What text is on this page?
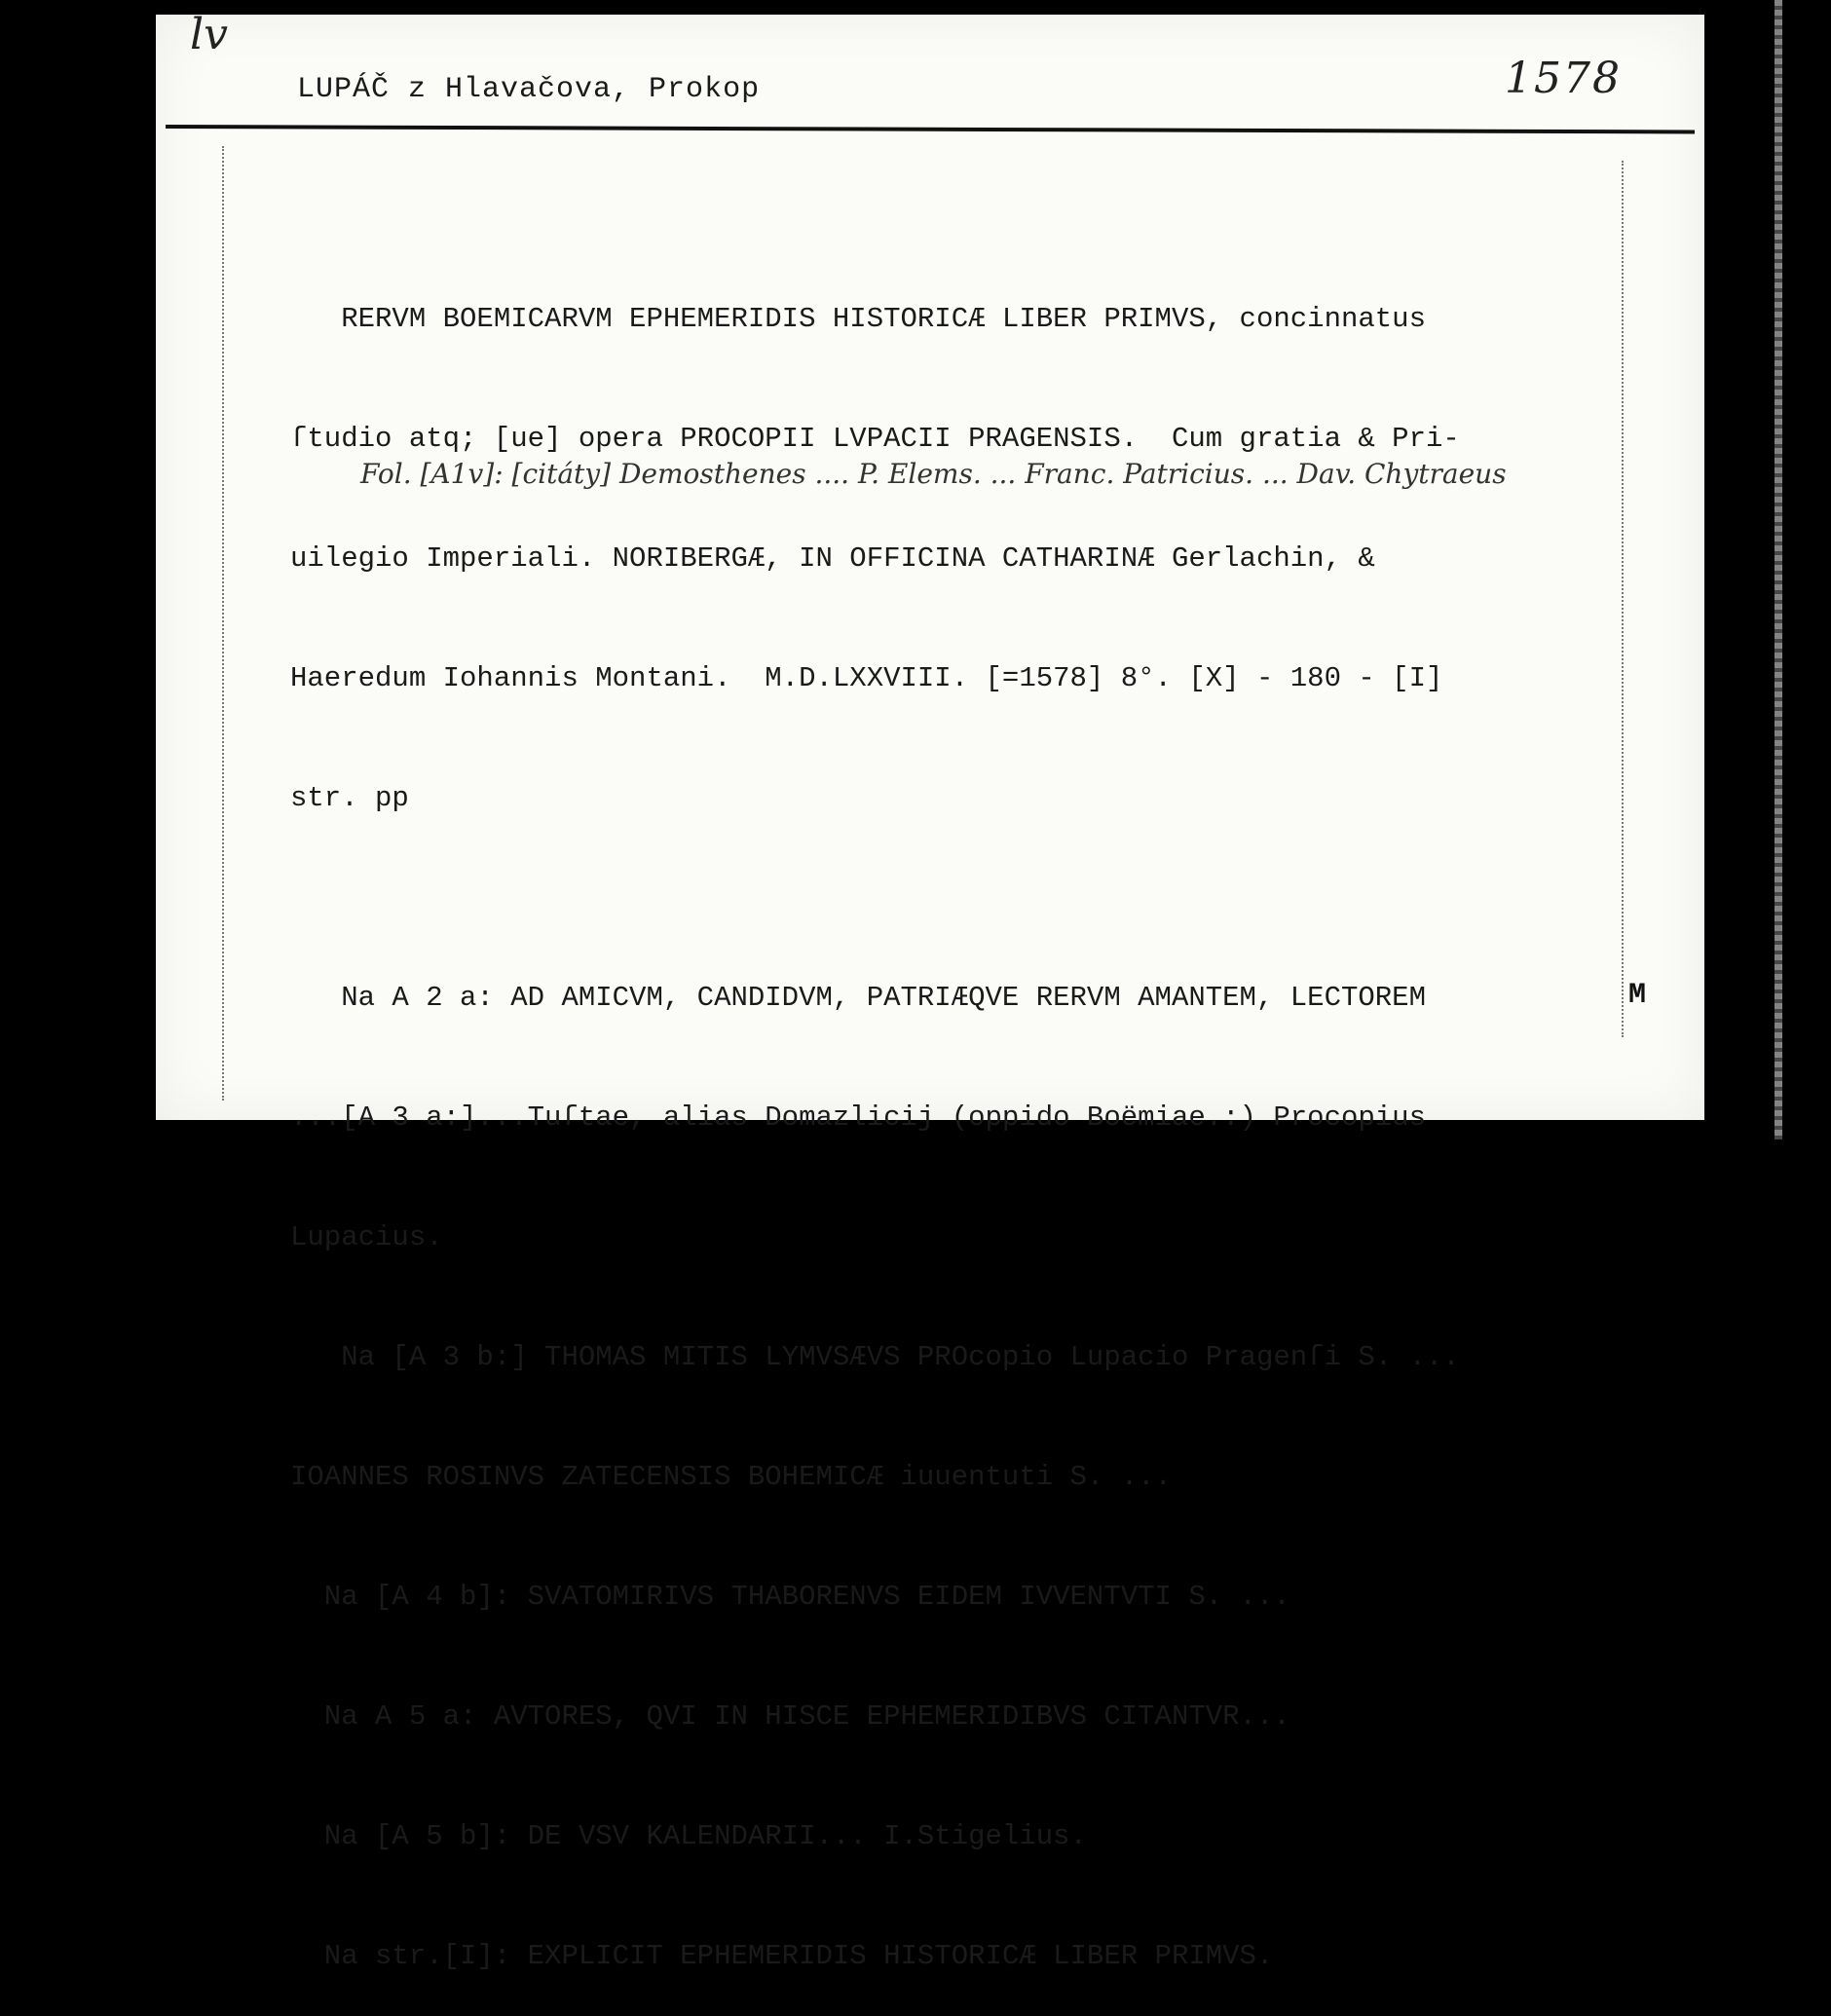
lv
1578
LUPÁČ z Hlavačova, Prokop

RERVM BOEMICARVM EPHEMERIDIS HISTORICÆ LIBER PRIMVS, concinnatus

ſtudio atq; [ue] opera PROCOPII LVPACII PRAGENSIS.  Cum gratia & Pri-

uilegio Imperiali. NORIBERGÆ, IN OFFICINA CATHARINÆ Gerlachin, &

Haeredum Iohannis Montani.  M.D.LXXVIII. [=1578] 8°. [X] - 180 - [I]

str. pp

Na A 2 a: AD AMICVM, CANDIDVM, PATRIÆQVE RERVM AMANTEM, LECTOREM

...[A 3 a:]...Tuſtae, alias Domazlicij (oppido Boëmiae.:) Procopius

Lupacius.

Na [A 3 b:] THOMAS MITIS LYMVSÆVS PROcopio Lupacio Pragenſi S. ...

IOANNES ROSINVS ZATECENSIS BOHEMICÆ iuuentuti S. ...

Na [A 4 b]: SVATOMIRIVS THABORENVS EIDEM IVVENTVTI S. ...

Na A 5 a: AVTORES, QVI IN HISCE EPHEMERIDIBVS CITANTVR...

Na [A 5 b]: DE VSV KALENDARII... I.Stigelius.

Na str.[I]: EXPLICIT EPHEMERIDIS HISTORICÆ LIBER PRIMVS.

Fol. [A1v]: [citáty] Demosthenes .... P. Elems. ... Franc. Patricius. ... Dav. Chytraeus
M
